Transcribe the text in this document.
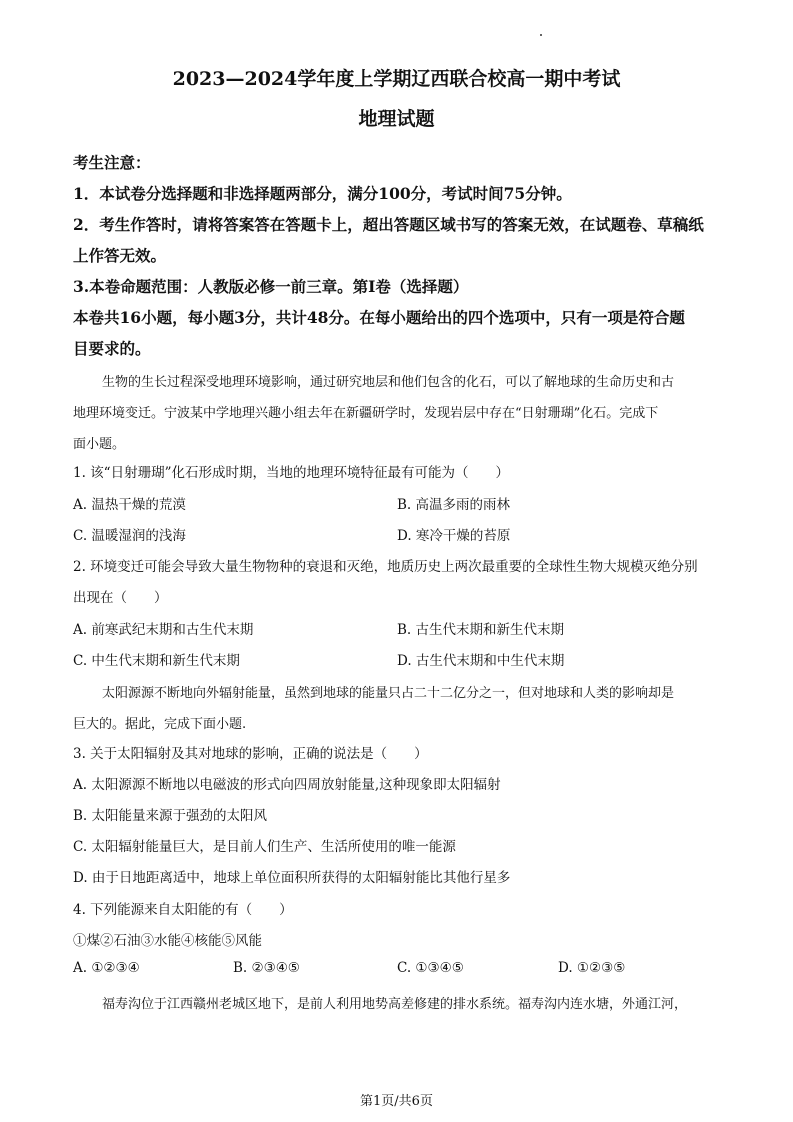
2023—2024学年度上学期辽西联合校高一期中考试
地理试题
考生注意：
1．本试卷分选择题和非选择题两部分，满分100分，考试时间75分钟。
2．考生作答时，请将答案答在答题卡上，超出答题区域书写的答案无效，在试题卷、草稿纸
上作答无效。
3.本卷命题范围：人教版必修一前三章。第Ⅰ卷（选择题）
本卷共16小题，每小题3分，共计48分。在每小题给出的四个选项中，只有一项是符合题
目要求的。
生物的生长过程深受地理环境影响，通过研究地层和他们包含的化石，可以了解地球的生命历史和古
地理环境变迁。宁波某中学地理兴趣小组去年在新疆研学时，发现岩层中存在“日射珊瑚”化石。完成下
面小题。
1. 该“日射珊瑚”化石形成时期，当地的地理环境特征最有可能为（　　）
A. 温热干燥的荒漠	B. 高温多雨的雨林
C. 温暖湿润的浅海	D. 寒冷干燥的苔原
2. 环境变迁可能会导致大量生物物种的衰退和灭绝，地质历史上两次最重要的全球性生物大规模灭绝分别
出现在（　　）
A. 前寒武纪末期和古生代末期	B. 古生代末期和新生代末期
C. 中生代末期和新生代末期	D. 古生代末期和中生代末期
太阳源源不断地向外辐射能量，虽然到地球的能量只占二十二亿分之一，但对地球和人类的影响却是
巨大的。据此，完成下面小题.
3. 关于太阳辐射及其对地球的影响，正确的说法是（　　）
A. 太阳源源不断地以电磁波的形式向四周放射能量,这种现象即太阳辐射
B. 太阳能量来源于强劲的太阳风
C. 太阳辐射能量巨大，是目前人们生产、生活所使用的唯一能源
D. 由于日地距离适中，地球上单位面积所获得的太阳辐射能比其他行星多
4. 下列能源来自太阳能的有（　　）
①煤②石油③水能④核能⑤风能
A. ①②③④	B. ②③④⑤	C. ①③④⑤	D. ①②③⑤
福寿沟位于江西赣州老城区地下，是前人利用地势高差修建的排水系统。福寿沟内连水塘，外通江河，
第1页/共6页
